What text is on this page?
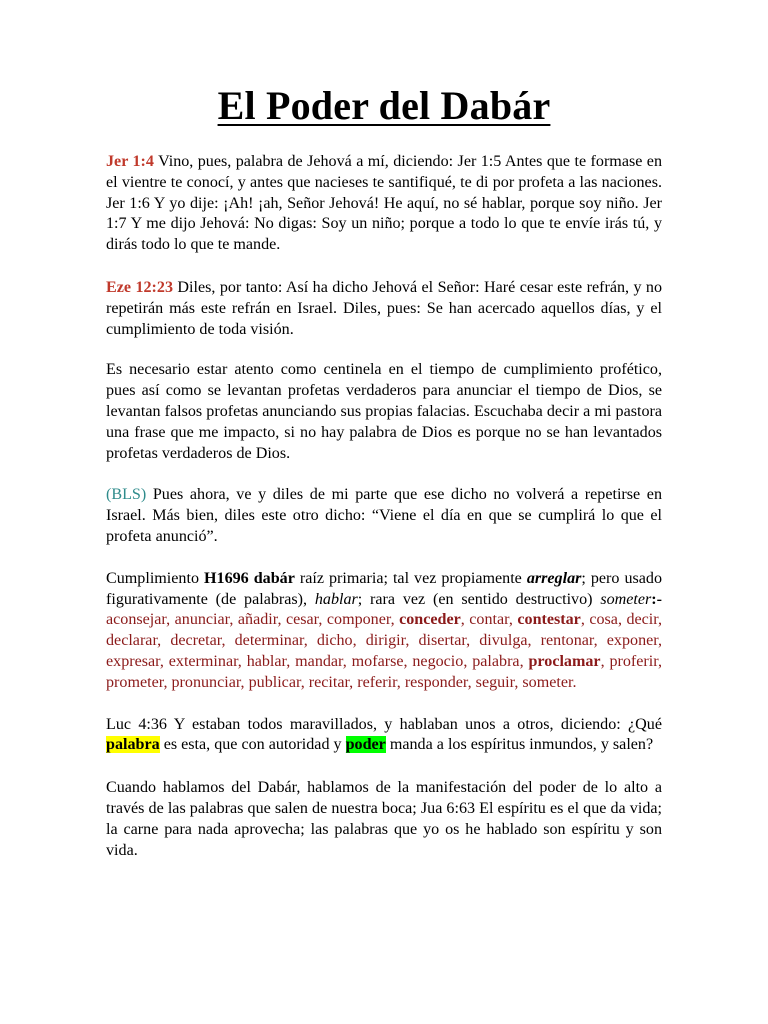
El Poder del Dabár

Jer 1:4 Vino, pues, palabra de Jehová a mí, diciendo: Jer 1:5 Antes que te formase en el vientre te conocí, y antes que nacieses te santifiqué, te di por profeta a las naciones. Jer 1:6 Y yo dije: ¡Ah! ¡ah, Señor Jehová! He aquí, no sé hablar, porque soy niño. Jer 1:7 Y me dijo Jehová: No digas: Soy un niño; porque a todo lo que te envíe irás tú, y dirás todo lo que te mande.

Eze 12:23 Diles, por tanto: Así ha dicho Jehová el Señor: Haré cesar este refrán, y no repetirán más este refrán en Israel. Diles, pues: Se han acercado aquellos días, y el cumplimiento de toda visión.

Es necesario estar atento como centinela en el tiempo de cumplimiento profético, pues así como se levantan profetas verdaderos para anunciar el tiempo de Dios, se levantan falsos profetas anunciando sus propias falacias. Escuchaba decir a mi pastora una frase que me impacto, si no hay palabra de Dios es porque no se han levantados profetas verdaderos de Dios.

(BLS) Pues ahora, ve y diles de mi parte que ese dicho no volverá a repetirse en Israel. Más bien, diles este otro dicho: “Viene el día en que se cumplirá lo que el profeta anunció”.

Cumplimiento H1696 dabár raíz primaria; tal vez propiamente arreglar; pero usado figurativamente (de palabras), hablar; rara vez (en sentido destructivo) someter:- aconsejar, anunciar, añadir, cesar, componer, conceder, contar, contestar, cosa, decir, declarar, decretar, determinar, dicho, dirigir, disertar, divulga, rentonar, exponer, expresar, exterminar, hablar, mandar, mofarse, negocio, palabra, proclamar, proferir, prometer, pronunciar, publicar, recitar, referir, responder, seguir, someter.

Luc 4:36 Y estaban todos maravillados, y hablaban unos a otros, diciendo: ¿Qué palabra es esta, que con autoridad y poder manda a los espíritus inmundos, y salen?

Cuando hablamos del Dabár, hablamos de la manifestación del poder de lo alto a través de las palabras que salen de nuestra boca; Jua 6:63 El espíritu es el que da vida; la carne para nada aprovecha; las palabras que yo os he hablado son espíritu y son vida.
